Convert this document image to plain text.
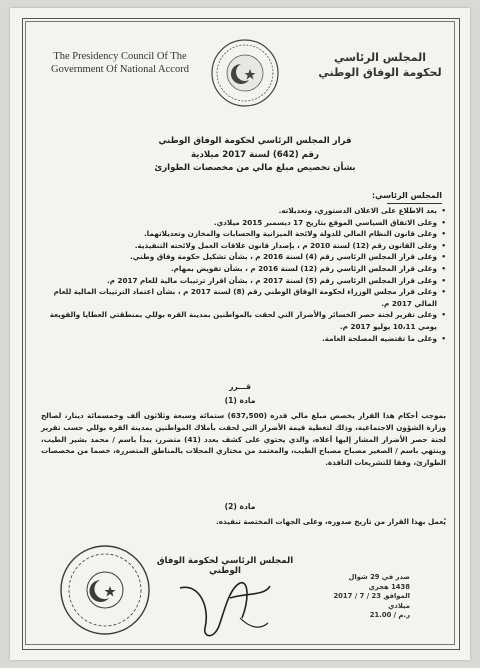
The Presidency Council Of The
Government Of National Accord
المجلس الرئاسي
لحكومة الوفاق الوطني
قرار المجلس الرئاسي لحكومة الوفاق الوطني
رقم (642) لسنة 2017 ميلادية
بشأن تخصيص مبلغ مالي من مخصصات الطوارئ
المجلس الرئاسي:
• بعد الاطلاع على الاعلان الدستوري، وتعديلاته.
• وعلى الاتفاق السياسي الموقع بتاريخ 17 ديسمبر 2015 ميلادي.
• وعلى قانون النظام المالي للدولة ولائحة الميزانية والحسابات والمخازن وتعديلاتهما.
• وعلى القانون رقم (12) لسنة 2010 م ، بإصدار قانون علاقات العمل ولائحته التنفيذية.
• وعلى قرار المجلس الرئاسي رقم (4) لسنة 2016 م ، بشأن تشكيل حكومة وفاق وطني.
• وعلى قرار المجلس الرئاسي رقم (12) لسنة 2016 م ، بشأن تفويض بمهام.
• وعلى قرار المجلس الرئاسي رقم (5) لسنة 2017 م ، بشأن اقرار ترتيبات مالية للعام 2017 م.
• وعلى قرار مجلس الوزراء لحكومة الوفاق الوطني رقم (8) لسنة 2017 م ، بشأن اعتماد الترتيبات المالية للعام المالي 2017 م.
• وعلى تقرير لجنة حصر الخسائر والأضرار التي لحقت بالمواطنين بمدينة القره بوللي بمنطقتي العطايا والقويعة يومي 10،11 يوليو 2017 م.
• وعلى ما تقتضيه المصلحة العامة.
قـــرر
مادة (1)
بموجب أحكام هذا القرار يخصص مبلغ مالي قدره (637,500) ستمائة وسبعة وثلاثون ألف وخمسمائة دينار، لصالح وزارة الشؤون الاجتماعية، وذلك لتغطية قيمة الأضرار التي لحقت بأملاك المواطنين بمدينة القره بوللي حسب تقرير لجنة حصر الأضرار المشار إليها أعلاه، والذي يحتوي على كشف بعدد (41) متضرر، يبدأ باسم / محمد بشير الطيب، وينتهي باسم / الصغير مصباح مصباح الطيب، والمعتمد من مختاري المحلات بالمناطق المتضررة، خصما من مخصصات الطوارئ، وفقا للتشريعات النافذة.
مادة (2)
يُعمل بهذا القرار من تاريخ صدوره، وعلى الجهات المختصة تنفيذه.
المجلس الرئاسي لحكومة الوفاق الوطني
صدر في 29 شوال
1438 هجري
الموافق 23 / 7 / 2017 ميلادي
ر.م / 21.00
